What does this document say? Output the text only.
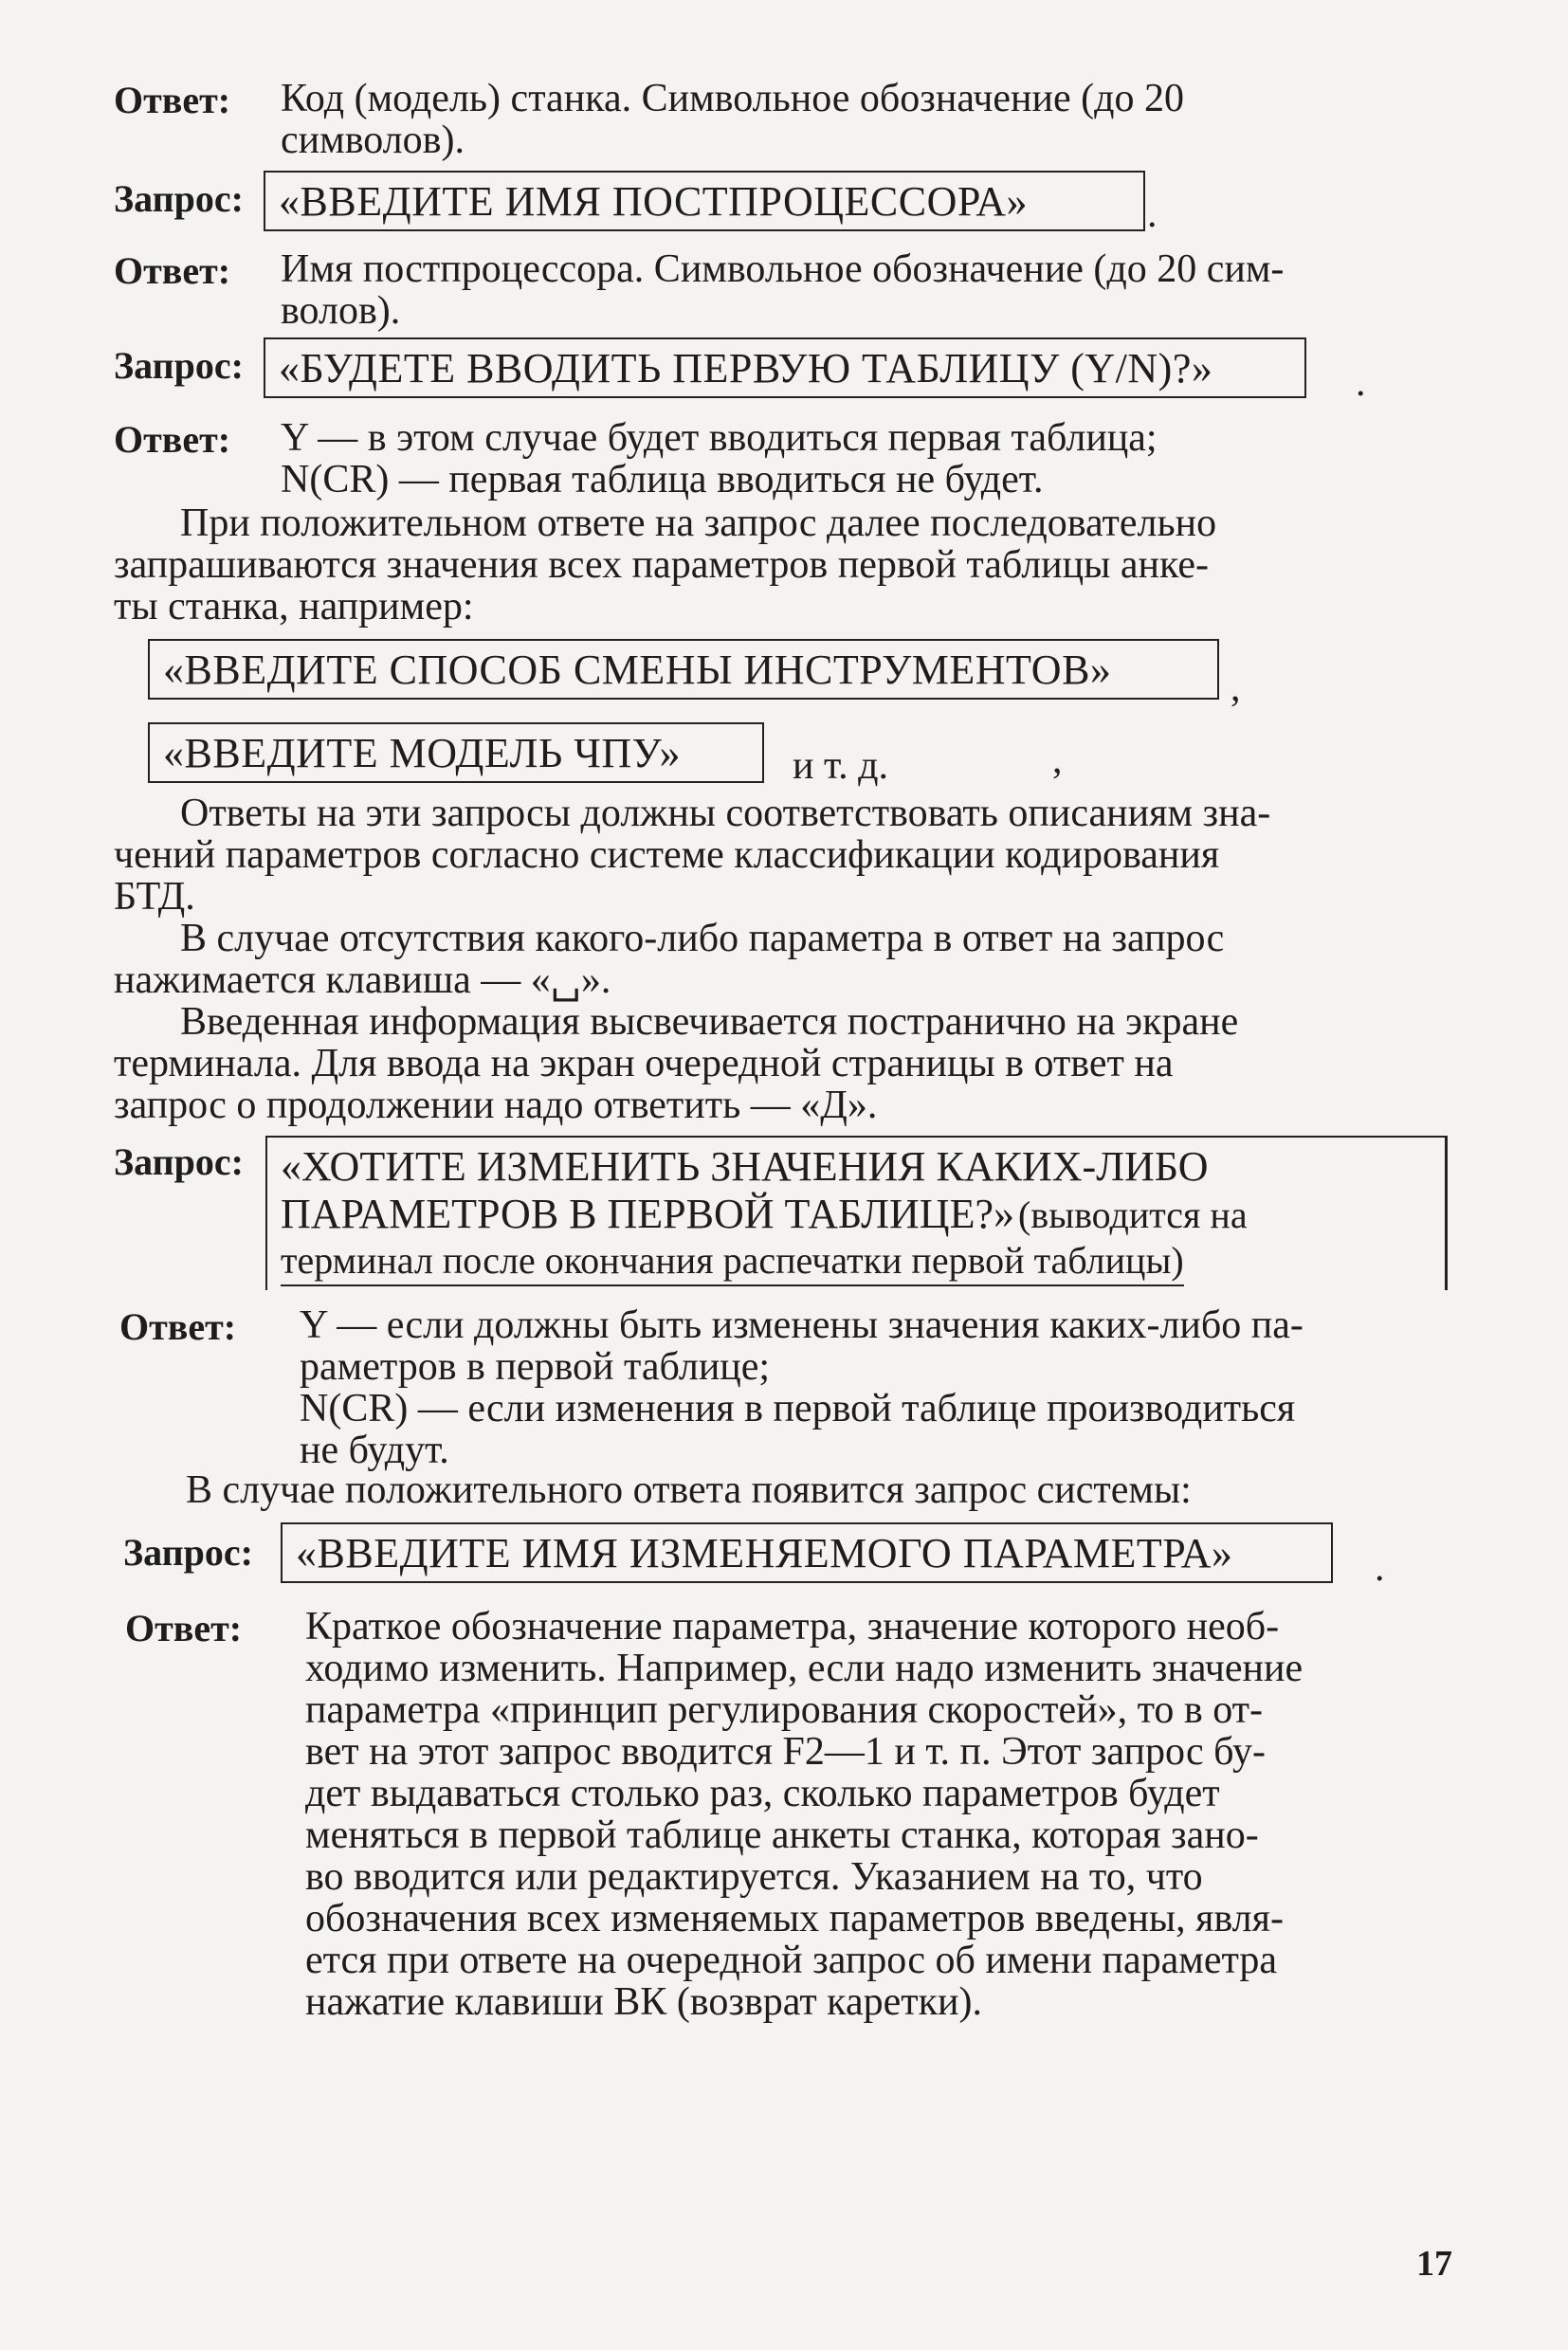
Ответ: Код (модель) станка. Символьное обозначение (до 20
символов).
Запрос: «ВВЕДИТЕ ИМЯ ПОСТПРОЦЕССОРА»	.
Ответ: Имя постпроцессора. Символьное обозначение (до 20 сим-
волов).
Запрос: «БУДЕТЕ ВВОДИТЬ ПЕРВУЮ ТАБЛИЦУ (Y/N)?»	.
Ответ: Y — в этом случае будет вводиться первая таблица;
N(CR) — первая таблица вводиться не будет.
При положительном ответе на запрос далее последовательно
запрашиваются значения всех параметров первой таблицы анке-
ты станка, например:
«ВВЕДИТЕ СПОСОБ СМЕНЫ ИНСТРУМЕНТОВ»	,
«ВВЕДИТЕ МОДЕЛЬ ЧПУ»	и т. д.	,
Ответы на эти запросы должны соответствовать описаниям зна-
чений параметров согласно системе классификации кодирования
БТД.
В случае отсутствия какого-либо параметра в ответ на запрос
нажимается клавиша — «␣».
Введенная информация высвечивается постранично на экране
терминала. Для ввода на экран очередной страницы в ответ на
запрос о продолжении надо ответить — «Д».
Запрос: «ХОТИТЕ ИЗМЕНИТЬ ЗНАЧЕНИЯ КАКИХ-ЛИБО
ПАРАМЕТРОВ В ПЕРВОЙ ТАБЛИЦЕ?» (выводится на
терминал после окончания распечатки первой таблицы)
Ответ: Y — если должны быть изменены значения каких-либо па-
раметров в первой таблице;
N(CR) — если изменения в первой таблице производиться
не будут.
В случае положительного ответа появится запрос системы:
Запрос:	«ВВЕДИТЕ ИМЯ ИЗМЕНЯЕМОГО ПАРАМЕТРА»	.
Ответ: Краткое обозначение параметра, значение которого необ-
ходимо изменить. Например, если надо изменить значение
параметра «принцип регулирования скоростей», то в от-
вет на этот запрос вводится F2—1 и т. п. Этот запрос бу-
дет выдаваться столько раз, сколько параметров будет
меняться в первой таблице анкеты станка, которая зано-
во вводится или редактируется. Указанием на то, что
обозначения всех изменяемых параметров введены, явля-
ется при ответе на очередной запрос об имени параметра
нажатие клавиши ВК (возврат каретки).
17
